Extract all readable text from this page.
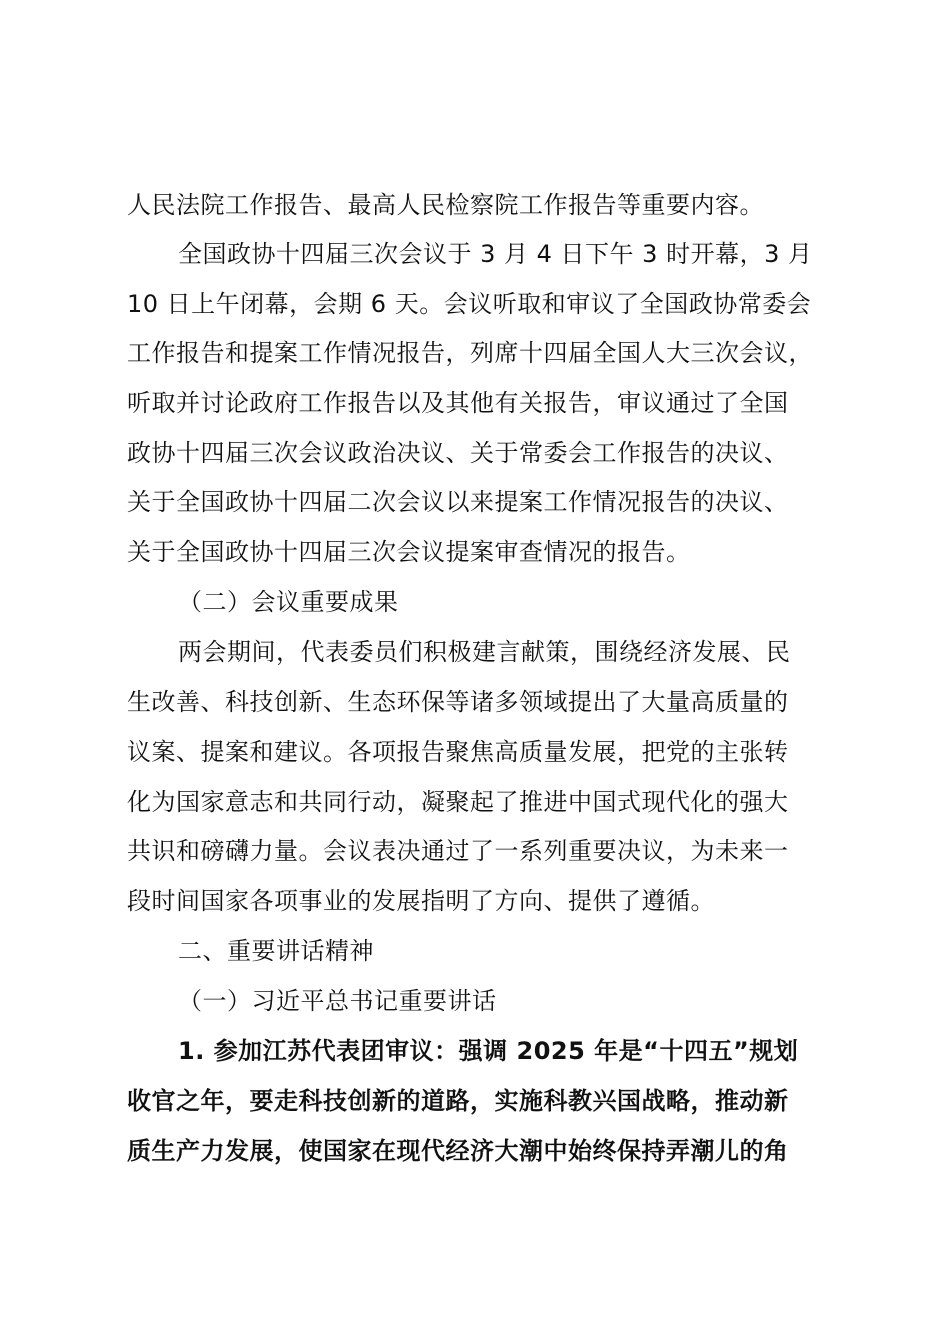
人民法院工作报告、最高人民检察院工作报告等重要内容。
全国政协十四届三次会议于 3 月 4 日下午 3 时开幕，3 月
10 日上午闭幕，会期 6 天。会议听取和审议了全国政协常委会
工作报告和提案工作情况报告，列席十四届全国人大三次会议，
听取并讨论政府工作报告以及其他有关报告，审议通过了全国
政协十四届三次会议政治决议、关于常委会工作报告的决议、
关于全国政协十四届二次会议以来提案工作情况报告的决议、
关于全国政协十四届三次会议提案审查情况的报告。
（二）会议重要成果
两会期间，代表委员们积极建言献策，围绕经济发展、民
生改善、科技创新、生态环保等诸多领域提出了大量高质量的
议案、提案和建议。各项报告聚焦高质量发展，把党的主张转
化为国家意志和共同行动，凝聚起了推进中国式现代化的强大
共识和磅礴力量。会议表决通过了一系列重要决议，为未来一
段时间国家各项事业的发展指明了方向、提供了遵循。
二、重要讲话精神
（一）习近平总书记重要讲话
1. 参加江苏代表团审议：强调 2025 年是“十四五”规划
收官之年，要走科技创新的道路，实施科教兴国战略，推动新
质生产力发展，使国家在现代经济大潮中始终保持弄潮儿的角
